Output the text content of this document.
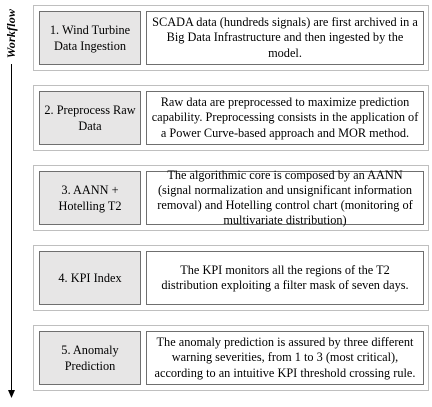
Workflow	1. Wind Turbine Data Ingestion
SCADA data (hundreds signals) are first archived in a Big Data Infrastructure and then ingested by the model.
2. Preprocess Raw Data
Raw data are preprocessed to maximize prediction capability. Preprocessing consists in the application of a Power Curve-based approach and MOR method.
3. AANN + Hotelling T2
The algorithmic core is composed by an AANN (signal normalization and unsignificant information removal) and Hotelling control chart (monitoring of multivariate distribution)
4. KPI Index
The KPI monitors all the regions of the T2 distribution exploiting a filter mask of seven days.
5. Anomaly Prediction
The anomaly prediction is assured by three different warning severities, from 1 to 3 (most critical), according to an intuitive KPI threshold crossing rule.
